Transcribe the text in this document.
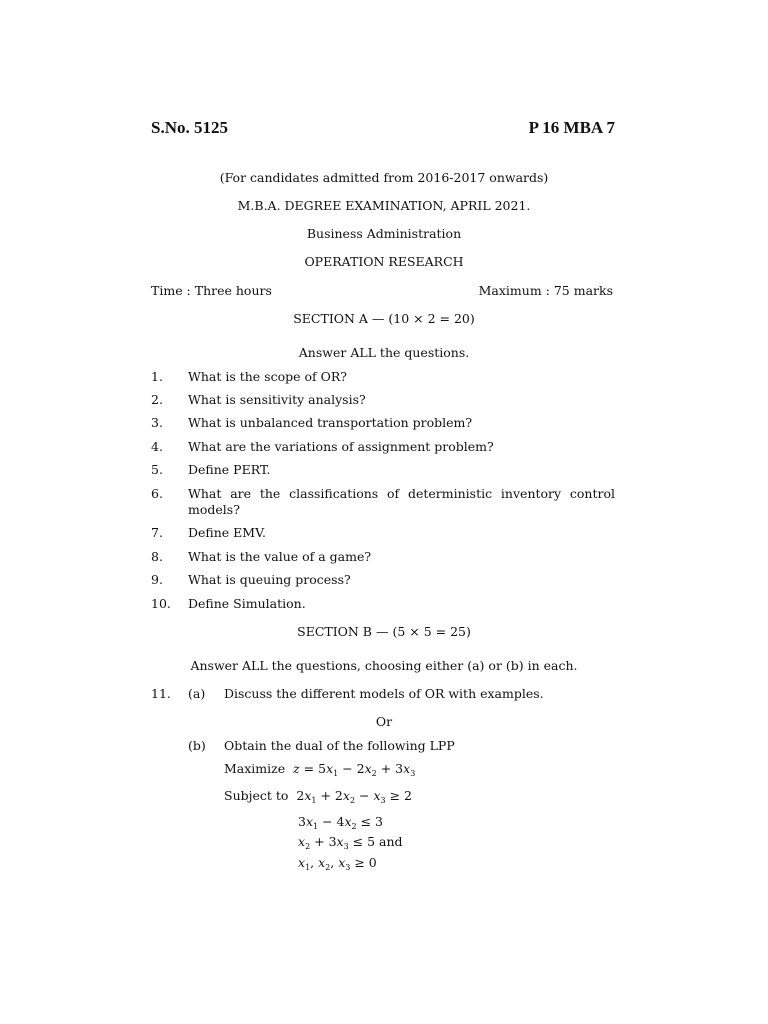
S.No. 5125	P 16 MBA 7
(For candidates admitted from 2016-2017 onwards)
M.B.A. DEGREE EXAMINATION, APRIL 2021.
Business Administration
OPERATION RESEARCH
Time : Three hours	Maximum : 75 marks
SECTION A — (10 × 2 = 20)
Answer ALL the questions.
1. What is the scope of OR?
2. What is sensitivity analysis?
3. What is unbalanced transportation problem?
4. What are the variations of assignment problem?
5. Define PERT.
6. What are the classifications of deterministic inventory control models?
7. Define EMV.
8. What is the value of a game?
9. What is queuing process?
10. Define Simulation.
SECTION B — (5 × 5 = 25)
Answer ALL the questions, choosing either (a) or (b) in each.
11. (a) Discuss the different models of OR with examples.
Or
(b) Obtain the dual of the following LPP
Maximize $z = 5x_1 - 2x_2 + 3x_3$
Subject to  $2x_1 + 2x_2 - x_3 \ge 2$
$3x_1 - 4x_2 \le 3$
$x_2 + 3x_3 \le 5$ and
$x_1$, $x_2$, $x_3 \ge 0$
